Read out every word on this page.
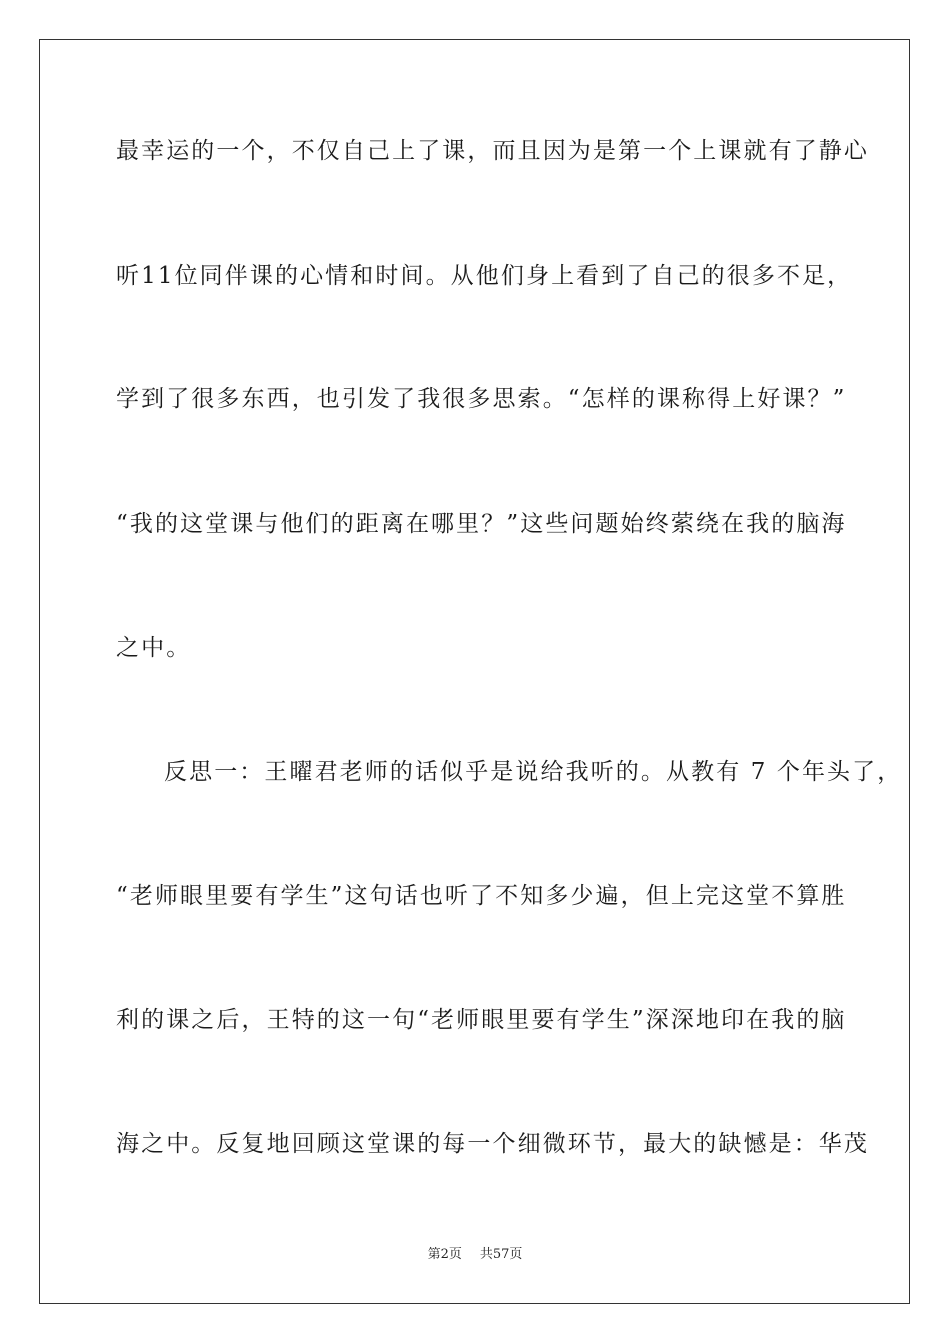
最幸运的一个，不仅自己上了课，而且因为是第一个上课就有了静心
听11位同伴课的心情和时间。从他们身上看到了自己的很多不足，
学到了很多东西，也引发了我很多思索。“怎样的课称得上好课？”
“我的这堂课与他们的距离在哪里？”这些问题始终萦绕在我的脑海
之中。
反思一：王曜君老师的话似乎是说给我听的。从教有 7 个年头了，
“老师眼里要有学生”这句话也听了不知多少遍，但上完这堂不算胜
利的课之后，王特的这一句“老师眼里要有学生”深深地印在我的脑
海之中。反复地回顾这堂课的每一个细微环节，最大的缺憾是：华茂
第2页 共57页
